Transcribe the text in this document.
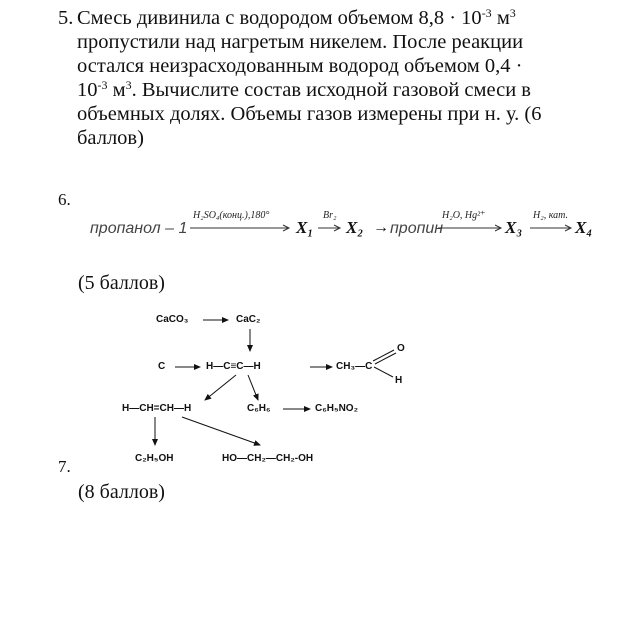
5. Смесь дивинила с водородом объемом $8,8 \cdot 10^{-3}$ $м^3$
пропустили над нагретым никелем. После реакции
остался неизрасходованным водород объемом 0,4 ·
$10^{-3}$ $м^3$. Вычислите состав исходной газовой смеси в
объемных долях. Объемы газов измерены при н. у. (6
баллов)
6.
пропанол – 1
H₂SO₄(конц.),180°
X₁
Br₂
X₂ → пропин
H₂O, Hg²⁺
X₃
H₂, кат.
X₄
(5 баллов)
CaCO₃	CaC₂
C	H—C≡C—H	CH₃—C
O
H
H—CH=CH—H	C₆H₆	C₆H₅NO₂
C₂H₅OH	HO—CH₂—CH₂-OH
7.
(8 баллов)
